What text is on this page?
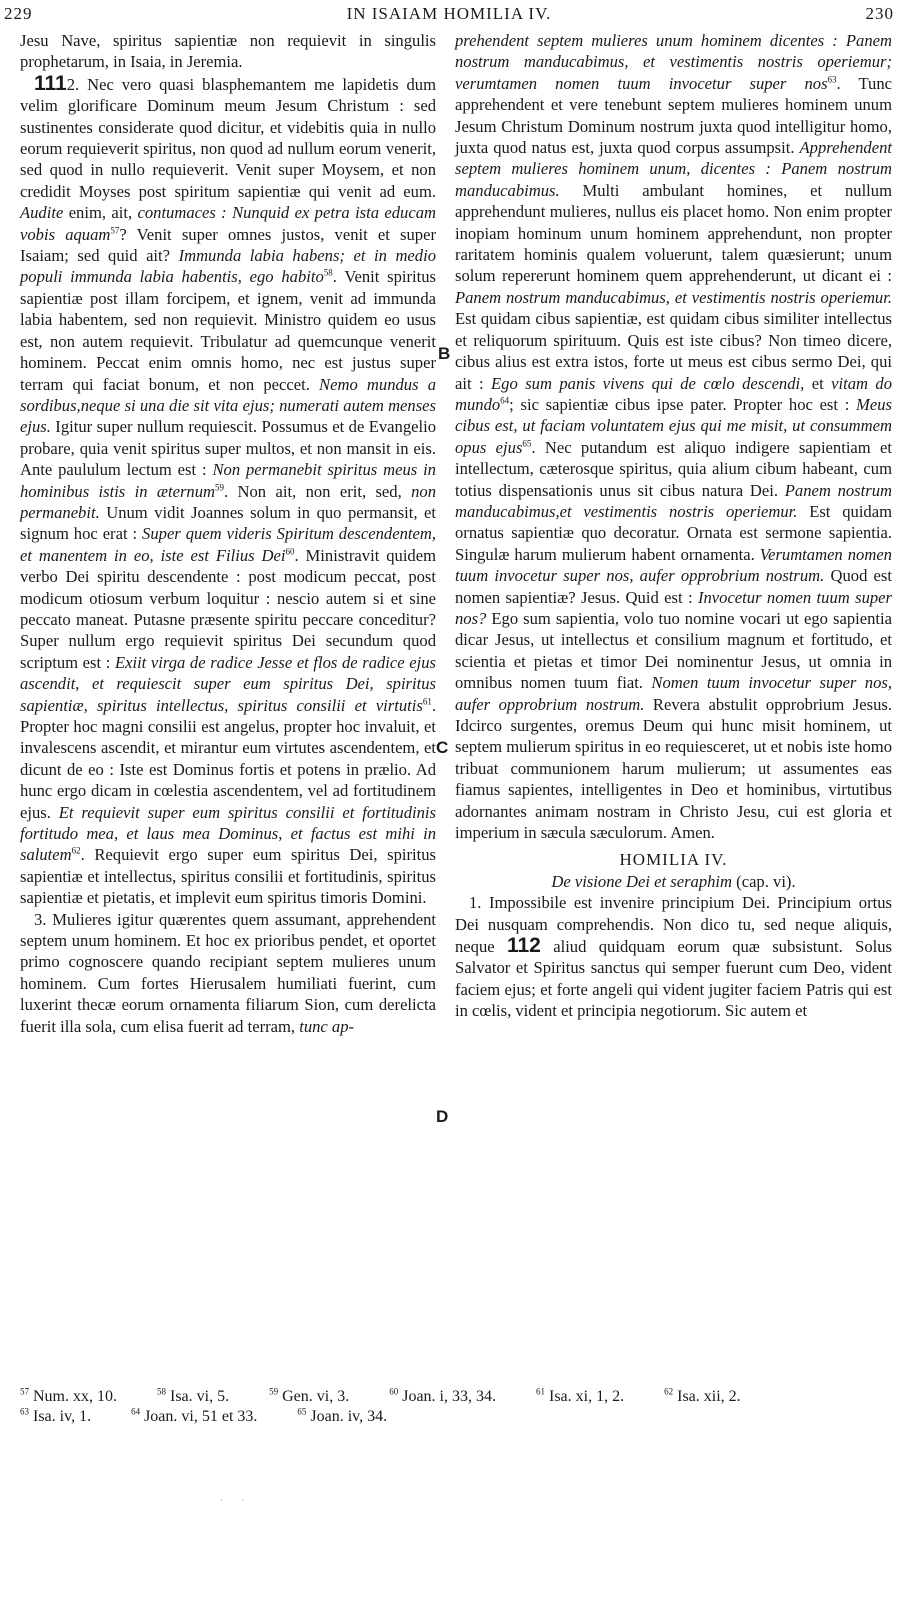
229	IN ISAIAM HOMILIA IV.	230

Jesu Nave, spiritus sapientiæ non requievit in singulis prophetarum, in Isaia, in Jeremia.

1112. Nec vero quasi blasphemantem me lapidetis dum velim glorificare Dominum meum Jesum Christum : sed sustinentes considerate quod dicitur, et videbitis quia in nullo eorum requieverit spiritus, non quod ad nullum eorum venerit, sed quod in nullo requieverit. Venit super Moysem, et non credidit Moyses post spiritum sapientiæ qui venit ad eum. Audite enim, ait, contumaces : Nunquid ex petra ista educam vobis aquam$^{57}$? Venit super omnes justos, venit et super Isaiam; sed quid ait? Immunda labia habens; et in medio populi immunda labia habentis, ego habito$^{58}$. Venit spiritus sapientiæ post illam forcipem, et ignem, venit ad immunda labia habentem, sed non requievit. Ministro quidem eo usus est, non autem requievit. Tribulatur ad quemcunque venerit hominem. Peccat enim omnis homo, nec est justus super terram qui faciat bonum, et non peccet. Nemo mundus a sordibus,neque si una die sit vita ejus; numerati autem menses ejus. Igitur super nullum requiescit. Possumus et de Evangelio probare, quia venit spiritus super multos, et non mansit in eis. Ante paululum lectum est : Non permanebit spiritus meus in hominibus istis in æternum$^{59}$. Non ait, non erit, sed, non permanebit. Unum vidit Joannes solum in quo permansit, et signum hoc erat : Super quem videris Spiritum descendentem, et manentem in eo, iste est Filius Dei$^{60}$. Ministravit quidem verbo Dei spiritu descendente : post modicum peccat, post modicum otiosum verbum loquitur : nescio autem si et sine peccato maneat. Putasne præsente spiritu peccare conceditur? Super nullum ergo requievit spiritus Dei secundum quod scriptum est : Exiit virga de radice Jesse et flos de radice ejus ascendit, et requiescit super eum spiritus Dei, spiritus sapientiæ, spiritus intellectus, spiritus consilii et virtutis$^{61}$. Propter hoc magni consilii est angelus, propter hoc invaluit, et invalescens ascendit, et mirantur eum virtutes ascendentem, et dicunt de eo : Iste est Dominus fortis et potens in prælio. Ad hunc ergo dicam in cœlestia ascendentem, vel ad fortitudinem ejus. Et requievit super eum spiritus consilii et fortitudinis fortitudo mea, et laus mea Dominus, et factus est mihi in salutem$^{62}$. Requievit ergo super eum spiritus Dei, spiritus sapientiæ et intellectus, spiritus consilii et fortitudinis, spiritus sapientiæ et pietatis, et implevit eum spiritus timoris Domini.

3. Mulieres igitur quærentes quem assumant, apprehendent septem unum hominem. Et hoc ex prioribus pendet, et oportet primo cognoscere quando recipiant septem mulieres unum hominem. Cum fortes Hierusalem humiliati fuerint, cum luxerint thecæ eorum ornamenta filiarum Sion, cum derelicta fuerit illa sola, cum elisa fuerit ad terram, tunc ap-

B
C
D

prehendent septem mulieres unum hominem dicentes : Panem nostrum manducabimus, et vestimentis nostris operiemur; verumtamen nomen tuum invocetur super nos$^{63}$. Tunc apprehendent et vere tenebunt septem mulieres hominem unum Jesum Christum Dominum nostrum juxta quod intelligitur homo, juxta quod natus est, juxta quod corpus assumpsit. Apprehendent septem mulieres hominem unum, dicentes : Panem nostrum manducabimus. Multi ambulant homines, et nullum apprehendunt mulieres, nullus eis placet homo. Non enim propter inopiam hominum unum hominem apprehendunt, non propter raritatem hominis qualem voluerunt, talem quæsierunt; unum solum repererunt hominem quem apprehenderunt, ut dicant ei : Panem nostrum manducabimus, et vestimentis nostris operiemur. Est quidam cibus sapientiæ, est quidam cibus similiter intellectus et reliquorum spirituum. Quis est iste cibus? Non timeo dicere, cibus alius est extra istos, forte ut meus est cibus sermo Dei, qui ait : Ego sum panis vivens qui de cœlo descendi, et vitam do mundo$^{64}$; sic sapientiæ cibus ipse pater. Propter hoc est : Meus cibus est, ut faciam voluntatem ejus qui me misit, ut consummem opus ejus$^{65}$. Nec putandum est aliquo indigere sapientiam et intellectum, cæterosque spiritus, quia alium cibum habeant, cum totius dispensationis unus sit cibus natura Dei. Panem nostrum manducabimus,et vestimentis nostris operiemur. Est quidam ornatus sapientiæ quo decoratur. Ornata est sermone sapientia. Singulæ harum mulierum habent ornamenta. Verumtamen nomen tuum invocetur super nos, aufer opprobrium nostrum. Quod est nomen sapientiæ? Jesus. Quid est : Invocetur nomen tuum super nos? Ego sum sapientia, volo tuo nomine vocari ut ego sapientia dicar Jesus, ut intellectus et consilium magnum et fortitudo, et scientia et pietas et timor Dei nominentur Jesus, ut omnia in omnibus nomen tuum fiat. Nomen tuum invocetur super nos, aufer opprobrium nostrum. Revera abstulit opprobrium Jesus. Idcirco surgentes, oremus Deum qui hunc misit hominem, ut septem mulierum spiritus in eo requiesceret, ut et nobis iste homo tribuat communionem harum mulierum; ut assumentes eas fiamus sapientes, intelligentes in Deo et hominibus, virtutibus adornantes animam nostram in Christo Jesu, cui est gloria et imperium in sæcula sæculorum. Amen.

HOMILIA IV.

De visione Dei et seraphim (cap. vi).

1. Impossibile est invenire principium Dei. Principium ortus Dei nusquam comprehendis. Non dico tu, sed neque aliquis, neque 112 aliud quidquam eorum quæ subsistunt. Solus Salvator et Spiritus sanctus qui semper fuerunt cum Deo, vident faciem ejus; et forte angeli qui vident jugiter faciem Patris qui est in cœlis, vident et principia negotiorum. Sic autem et

$^{57}$ Num. xx, 10.	$^{58}$ Isa. vi, 5.	$^{59}$ Gen. vi, 3.	$^{60}$ Joan. i, 33, 34.	$^{61}$ Isa. xi, 1, 2.	$^{62}$ Isa. xii, 2.
$^{63}$ Isa. iv, 1.	$^{64}$ Joan. vi, 51 et 33.	$^{65}$ Joan. iv, 34.
· ·
